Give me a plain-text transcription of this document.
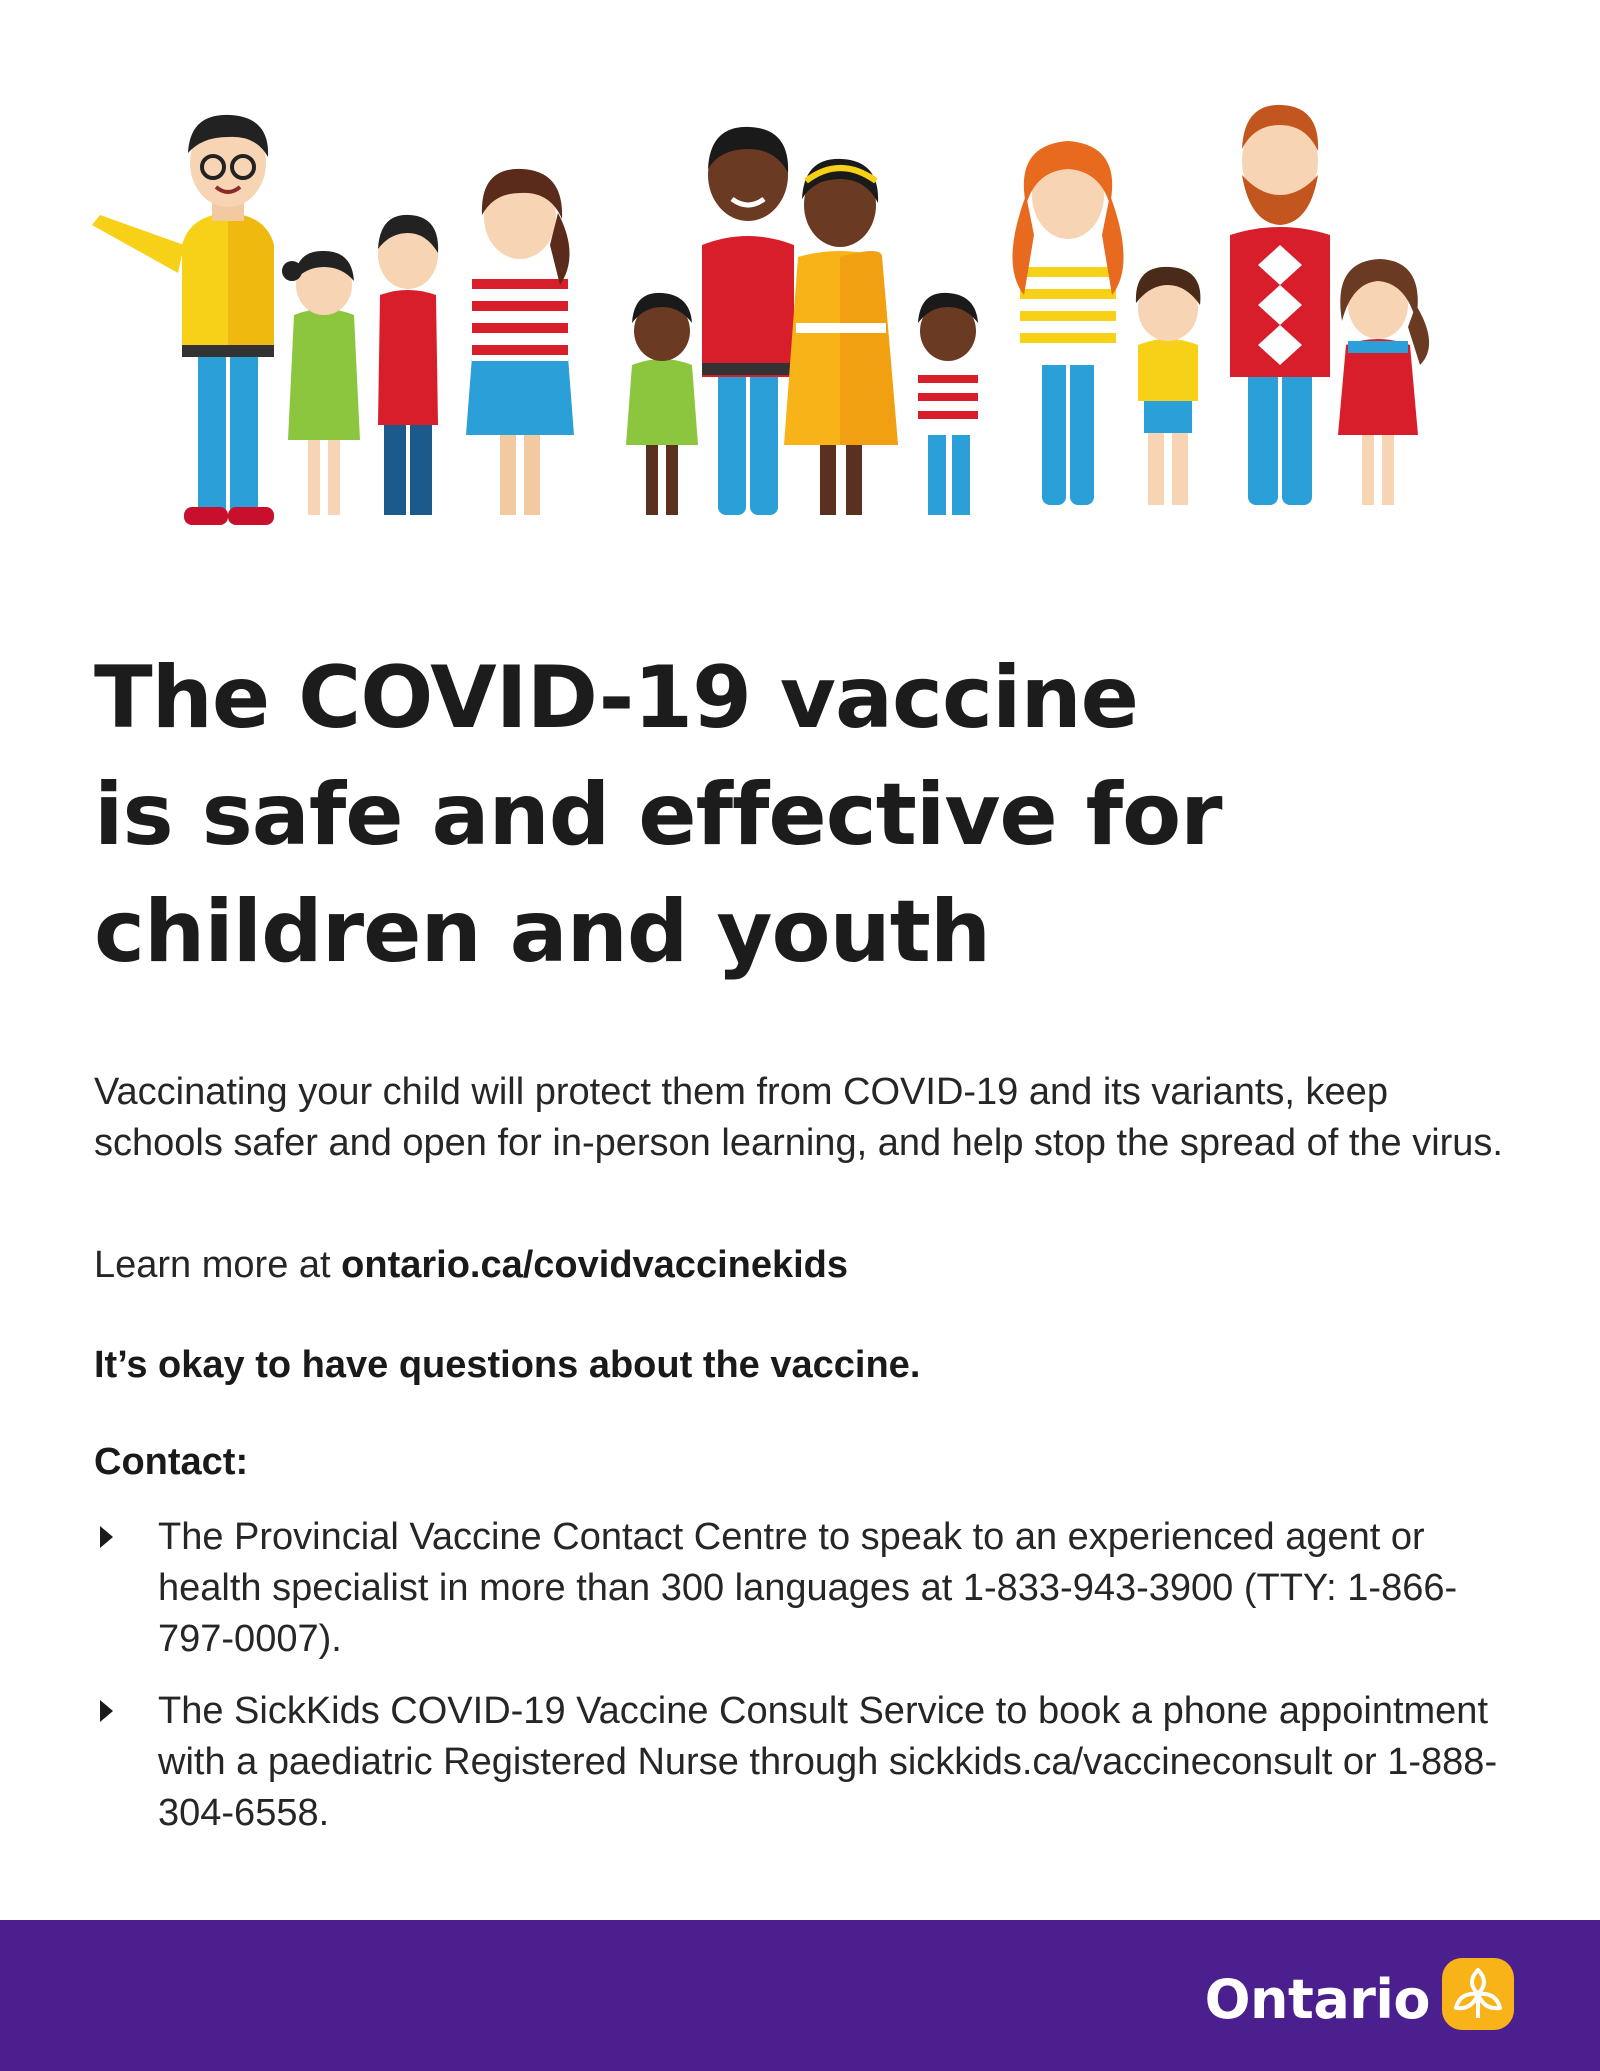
The COVID-19 vaccine
is safe and effective for
children and youth

Vaccinating your child will protect them from COVID-19 and its variants, keep schools safer and open for in-person learning, and help stop the spread of the virus.

Learn more at ontario.ca/covidvaccinekids

It’s okay to have questions about the vaccine.

Contact:

The Provincial Vaccine Contact Centre to speak to an experienced agent or health specialist in more than 300 languages at 1-833-943-3900 (TTY: 1-866-797-0007).

The SickKids COVID-19 Vaccine Consult Service to book a phone appointment with a paediatric Registered Nurse through sickkids.ca/vaccineconsult or 1-888-304-6558.

Ontario
